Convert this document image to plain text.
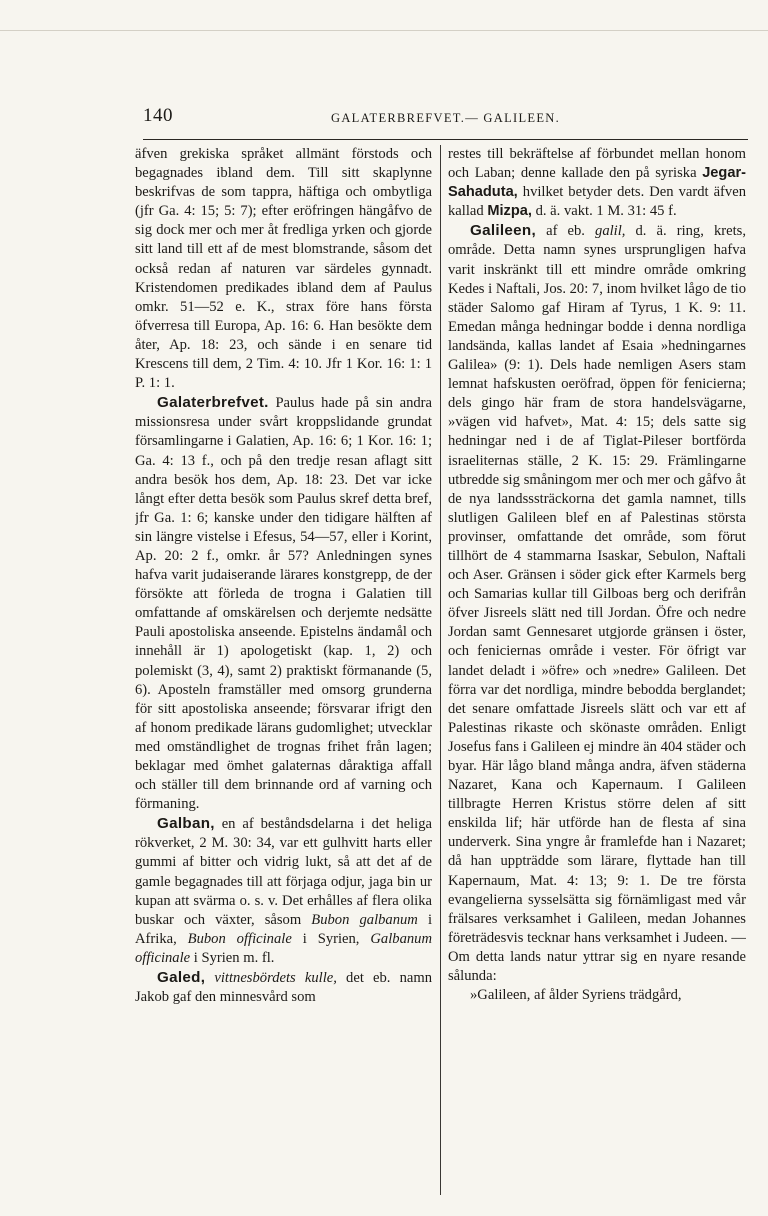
140	GALATERBREFVET.— GALILEEN.

äfven grekiska språket allmänt förstods och begagnades ibland dem. Till sitt skaplynne beskrifvas de som tappra, häftiga och ombytliga (jfr Ga. 4: 15; 5: 7); efter eröfringen hängåfvo de sig dock mer och mer åt fredliga yrken och gjorde sitt land till ett af de mest blomstrande, såsom det också redan af naturen var särdeles gynnadt. Kristendomen predikades ibland dem af Paulus omkr. 51—52 e. K., strax före hans första öfverresa till Europa, Ap. 16: 6. Han besökte dem åter, Ap. 18: 23, och sände i en senare tid Krescens till dem, 2 Tim. 4: 10. Jfr 1 Kor. 16: 1: 1 P. 1: 1.

Galaterbrefvet. Paulus hade på sin andra missionsresa under svårt kroppslidande grundat församlingarne i Galatien, Ap. 16: 6; 1 Kor. 16: 1; Ga. 4: 13 f., och på den tredje resan aflagt sitt andra besök hos dem, Ap. 18: 23. Det var icke långt efter detta besök som Paulus skref detta bref, jfr Ga. 1: 6; kanske under den tidigare hälften af sin längre vistelse i Efesus, 54—57, eller i Korint, Ap. 20: 2 f., omkr. år 57? Anledningen synes hafva varit judaiserande lärares konstgrepp, de der försökte att förleda de trogna i Galatien till omfattande af omskärelsen och derjemte nedsätte Pauli apostoliska anseende. Epistelns ändamål och innehåll är 1) apologetiskt (kap. 1, 2) och polemiskt (3, 4), samt 2) praktiskt förmanande (5, 6). Aposteln framställer med omsorg grunderna för sitt apostoliska anseende; försvarar ifrigt den af honom predikade lärans gudomlighet; utvecklar med omständlighet de trognas frihet från lagen; beklagar med ömhet galaternas dåraktiga affall och ställer till dem brinnande ord af varning och förmaning.

Galban, en af beståndsdelarna i det heliga rökverket, 2 M. 30: 34, var ett gulhvitt harts eller gummi af bitter och vidrig lukt, så att det af de gamle begagnades till att förjaga odjur, jaga bin ur kupan att svärma o. s. v. Det erhålles af flera olika buskar och växter, såsom Bubon galbanum i Afrika, Bubon officinale i Syrien, Galbanum officinale i Syrien m. fl.

Galed, vittnesbördets kulle, det eb. namn Jakob gaf den minnesvård som

restes till bekräftelse af förbundet mellan honom och Laban; denne kallade den på syriska Jegar-Sahaduta, hvilket betyder dets. Den vardt äfven kallad Mizpa, d. ä. vakt. 1 M. 31: 45 f.

Galileen, af eb. galil, d. ä. ring, krets, område. Detta namn synes ursprungligen hafva varit inskränkt till ett mindre område omkring Kedes i Naftali, Jos. 20: 7, inom hvilket lågo de tio städer Salomo gaf Hiram af Tyrus, 1 K. 9: 11. Emedan många hedningar bodde i denna nordliga landsända, kallas landet af Esaia »hedningarnes Galilea» (9: 1). Dels hade nemligen Asers stam lemnat hafskusten oeröfrad, öppen för fenicierna; dels gingo här fram de stora handelsvägarne, »vägen vid hafvet», Mat. 4: 15; dels satte sig hedningar ned i de af Tiglat-Pileser bortförda israeliternas ställe, 2 K. 15: 29. Främlingarne utbredde sig småningom mer och mer och gåfvo åt de nya landsssträckorna det gamla namnet, tills slutligen Galileen blef en af Palestinas största provinser, omfattande det område, som förut tillhört de 4 stammarna Isaskar, Sebulon, Naftali och Aser. Gränsen i söder gick efter Karmels berg och Samarias kullar till Gilboas berg och derifrån öfver Jisreels slätt ned till Jordan. Öfre och nedre Jordan samt Gennesaret utgjorde gränsen i öster, och feniciernas område i vester. För öfrigt var landet deladt i »öfre» och »nedre» Galileen. Det förra var det nordliga, mindre bebodda berglandet; det senare omfattade Jisreels slätt och var ett af Palestinas rikaste och skönaste områden. Enligt Josefus fans i Galileen ej mindre än 404 städer och byar. Här lågo bland många andra, äfven städerna Nazaret, Kana och Kapernaum. I Galileen tillbragte Herren Kristus större delen af sitt enskilda lif; här utförde han de flesta af sina underverk. Sina yngre år framlefde han i Nazaret; då han uppträdde som lärare, flyttade han till Kapernaum, Mat. 4: 13; 9: 1. De tre första evangelierna sysselsätta sig förnämligast med vår frälsares verksamhet i Galileen, medan Johannes företrädesvis tecknar hans verksamhet i Judeen. — Om detta lands natur yttrar sig en nyare resande sålunda:

»Galileen, af ålder Syriens trädgård,
